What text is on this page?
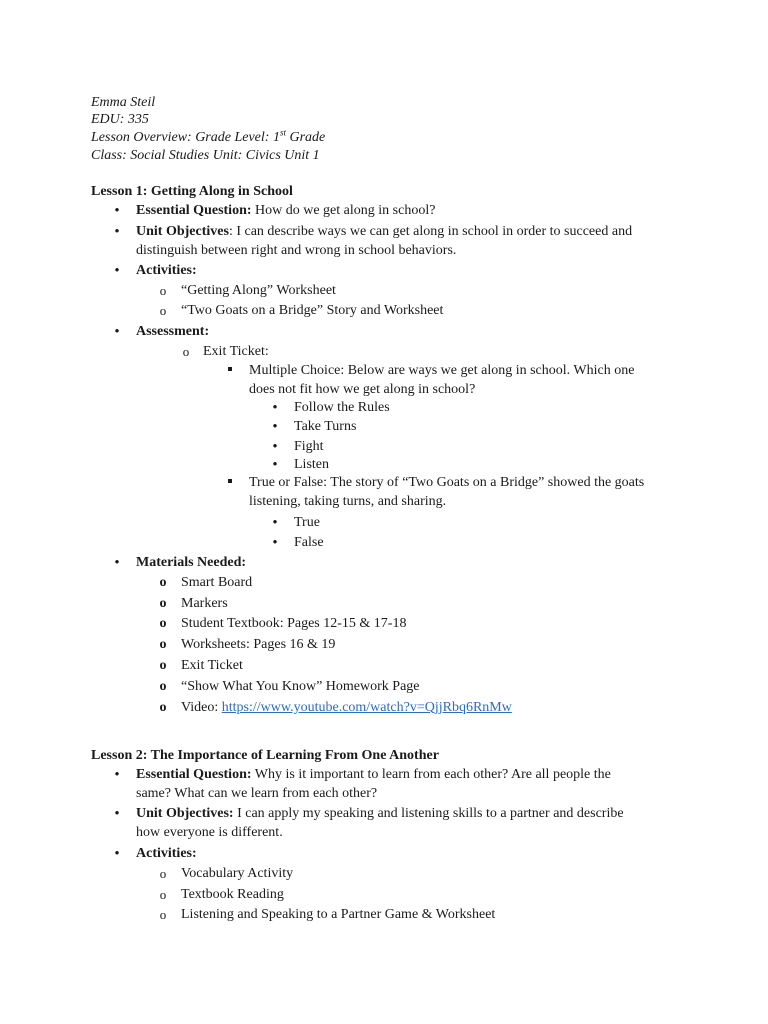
Emma Steil
EDU: 335
Lesson Overview: Grade Level: 1st Grade
Class: Social Studies Unit: Civics Unit 1
Lesson 1: Getting Along in School
•
Essential Question: How do we get along in school?
•
Unit Objectives: I can describe ways we can get along in school in order to succeed and
distinguish between right and wrong in school behaviors.
•
Activities:
o
“Getting Along” Worksheet
o
“Two Goats on a Bridge” Story and Worksheet
•
Assessment:
o
Exit Ticket:
Multiple Choice: Below are ways we get along in school. Which one
does not fit how we get along in school?
•
Follow the Rules
•
Take Turns
•
Fight
•
Listen
True or False: The story of “Two Goats on a Bridge” showed the goats
listening, taking turns, and sharing.
•
True
•
False
•
Materials Needed:
o
Smart Board
o
Markers
o
Student Textbook: Pages 12-15 & 17-18
o
Worksheets: Pages 16 & 19
o
Exit Ticket
o
“Show What You Know” Homework Page
o
Video: https://www.youtube.com/watch?v=QjjRbq6RnMw
Lesson 2: The Importance of Learning From One Another
•
Essential Question: Why is it important to learn from each other? Are all people the
same? What can we learn from each other?
•
Unit Objectives: I can apply my speaking and listening skills to a partner and describe
how everyone is different.
•
Activities:
o
Vocabulary Activity
o
Textbook Reading
o
Listening and Speaking to a Partner Game & Worksheet
